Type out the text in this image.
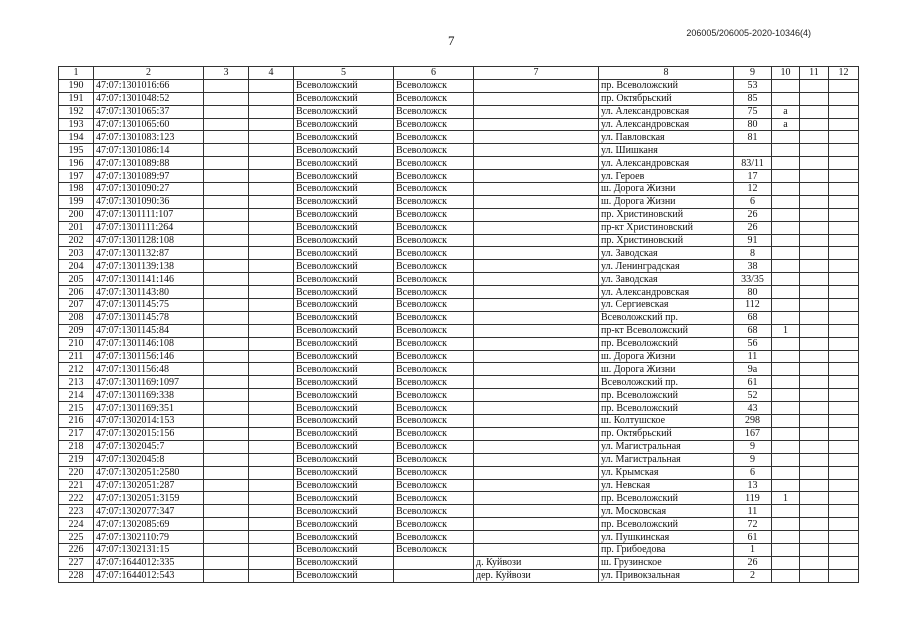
206005/206005-2020-10346(4)
7
1	2	3	4	5	6	7	8	9	10	11	12
190	47:07:1301016:66			Всеволожский	Всеволожск		пр. Всеволожский	53			
191	47:07:1301048:52			Всеволожский	Всеволожск		пр. Октябрьский	85			
192	47:07:1301065:37			Всеволожский	Всеволожск		ул. Александровская	75	а		
193	47:07:1301065:60			Всеволожский	Всеволожск		ул. Александровская	80	а		
194	47:07:1301083:123			Всеволожский	Всеволожск		ул. Павловская	81			
195	47:07:1301086:14			Всеволожский	Всеволожск		ул. Шишканя				
196	47:07:1301089:88			Всеволожский	Всеволожск		ул. Александровская	83/11			
197	47:07:1301089:97			Всеволожский	Всеволожск		ул. Героев	17			
198	47:07:1301090:27			Всеволожский	Всеволожск		ш. Дорога Жизни	12			
199	47:07:1301090:36			Всеволожский	Всеволожск		ш. Дорога Жизни	6			
200	47:07:1301111:107			Всеволожский	Всеволожск		пр. Христиновский	26			
201	47:07:1301111:264			Всеволожский	Всеволожск		пр-кт Христиновский	26			
202	47:07:1301128:108			Всеволожский	Всеволожск		пр. Христиновский	91			
203	47:07:1301132:87			Всеволожский	Всеволожск		ул. Заводская	8			
204	47:07:1301139:138			Всеволожский	Всеволожск		ул. Ленинградская	38			
205	47:07:1301141:146			Всеволожский	Всеволожск		ул. Заводская	33/35			
206	47:07:1301143:80			Всеволожский	Всеволожск		ул. Александровская	80			
207	47:07:1301145:75			Всеволожский	Всеволожск		ул. Сергиевская	112			
208	47:07:1301145:78			Всеволожский	Всеволожск		Всеволожский пр.	68			
209	47:07:1301145:84			Всеволожский	Всеволожск		пр-кт Всеволожский	68	1		
210	47:07:1301146:108			Всеволожский	Всеволожск		пр. Всеволожский	56			
211	47:07:1301156:146			Всеволожский	Всеволожск		ш. Дорога Жизни	11			
212	47:07:1301156:48			Всеволожский	Всеволожск		ш. Дорога Жизни	9а			
213	47:07:1301169:1097			Всеволожский	Всеволожск		Всеволожский пр.	61			
214	47:07:1301169:338			Всеволожский	Всеволожск		пр. Всеволожский	52			
215	47:07:1301169:351			Всеволожский	Всеволожск		пр. Всеволожский	43			
216	47:07:1302014:153			Всеволожский	Всеволожск		ш. Колтушское	298			
217	47:07:1302015:156			Всеволожский	Всеволожск		пр. Октябрьский	167			
218	47:07:1302045:7			Всеволожский	Всеволожск		ул. Магистральная	9			
219	47:07:1302045:8			Всеволожский	Всеволожск		ул. Магистральная	9			
220	47:07:1302051:2580			Всеволожский	Всеволожск		ул. Крымская	6			
221	47:07:1302051:287			Всеволожский	Всеволожск		ул. Невская	13			
222	47:07:1302051:3159			Всеволожский	Всеволожск		пр. Всеволожский	119	1		
223	47:07:1302077:347			Всеволожский	Всеволожск		ул. Московская	11			
224	47:07:1302085:69			Всеволожский	Всеволожск		пр. Всеволожский	72			
225	47:07:1302110:79			Всеволожский	Всеволожск		ул. Пушкинская	61			
226	47:07:1302131:15			Всеволожский	Всеволожск		пр. Грибоедова	1			
227	47:07:1644012:335			Всеволожский		д. Куйвози	ш. Грузинское	26			
228	47:07:1644012:543			Всеволожский		дер. Куйвози	ул. Привокзальная	2			
